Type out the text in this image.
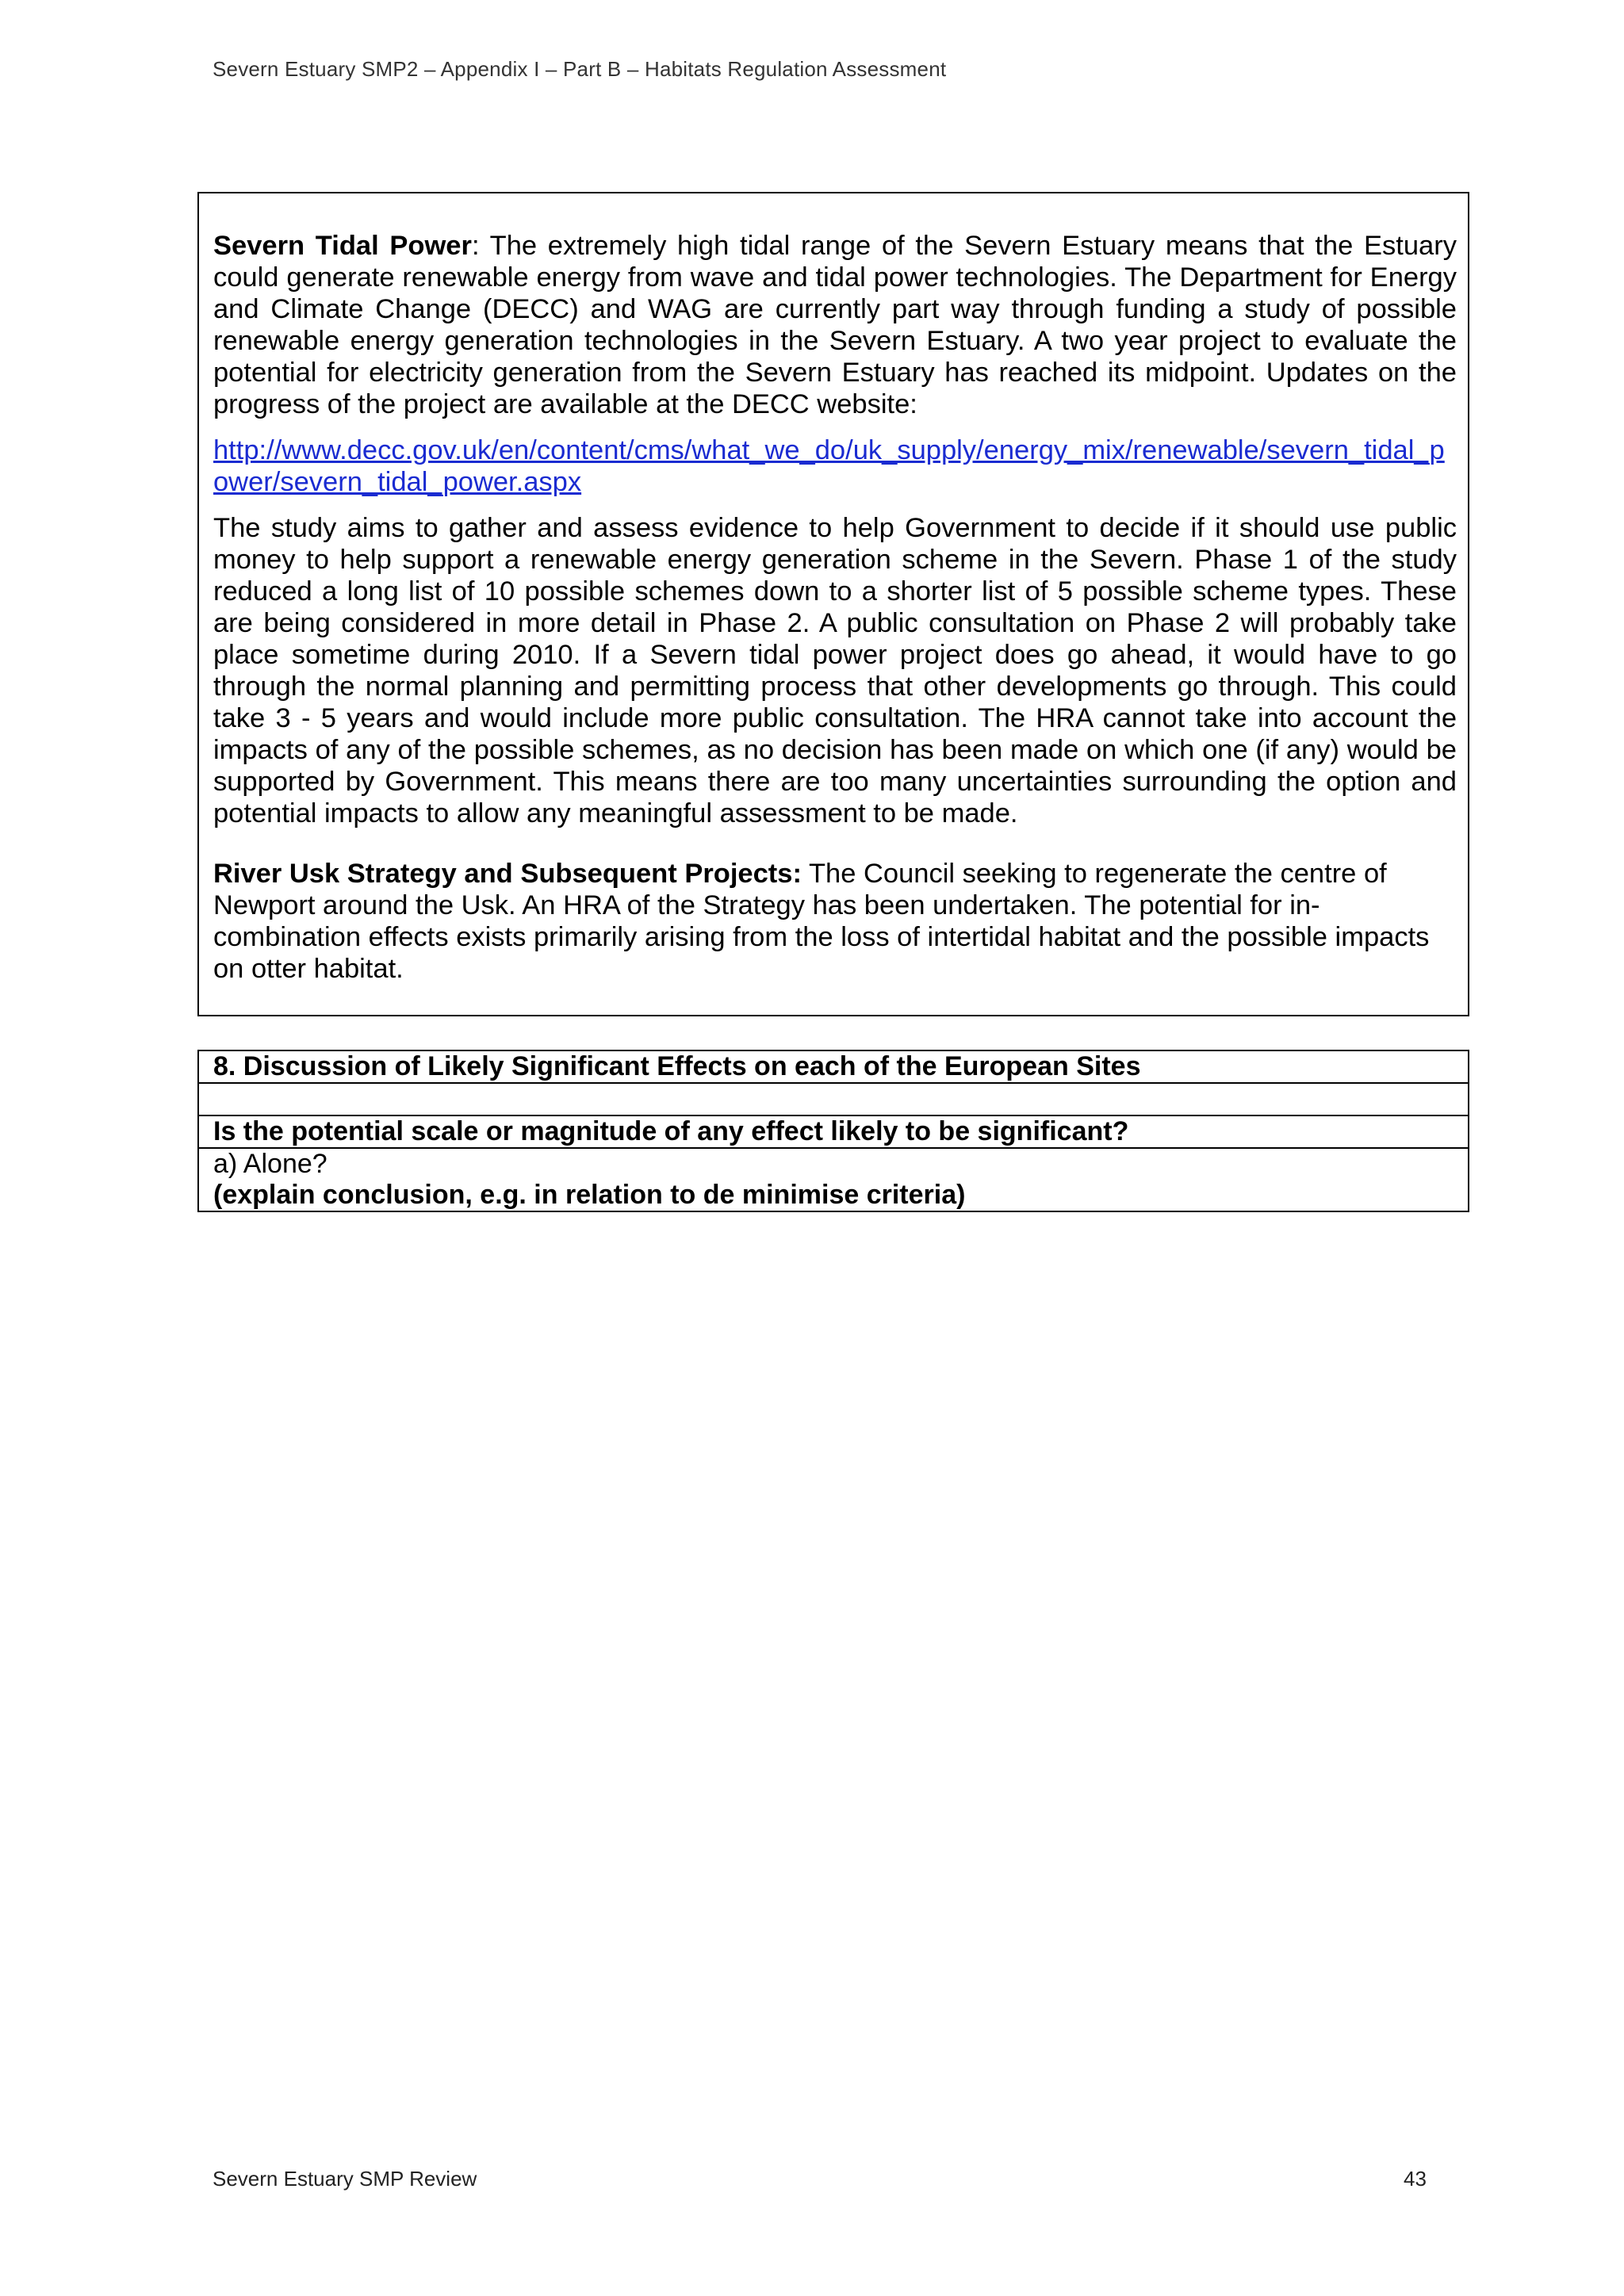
Severn Estuary SMP2 – Appendix I – Part B – Habitats Regulation Assessment

Severn Tidal Power: The extremely high tidal range of the Severn Estuary means that the Estuary could generate renewable energy from wave and tidal power technologies. The Department for Energy and Climate Change (DECC) and WAG are currently part way through funding a study of possible renewable energy generation technologies in the Severn Estuary. A two year project to evaluate the potential for electricity generation from the Severn Estuary has reached its midpoint. Updates on the progress of the project are available at the DECC website:

http://www.decc.gov.uk/en/content/cms/what_we_do/uk_supply/energy_mix/renewable/severn_tidal_p
ower/severn_tidal_power.aspx

The study aims to gather and assess evidence to help Government to decide if it should use public money to help support a renewable energy generation scheme in the Severn. Phase 1 of the study reduced a long list of 10 possible schemes down to a shorter list of 5 possible scheme types. These are being considered in more detail in Phase 2. A public consultation on Phase 2 will probably take place sometime during 2010. If a Severn tidal power project does go ahead, it would have to go through the normal planning and permitting process that other developments go through. This could take 3 - 5 years and would include more public consultation. The HRA cannot take into account the impacts of any of the possible schemes, as no decision has been made on which one (if any) would be supported by Government. This means there are too many uncertainties surrounding the option and potential impacts to allow any meaningful assessment to be made.

River Usk Strategy and Subsequent Projects: The Council seeking to regenerate the centre of Newport around the Usk. An HRA of the Strategy has been undertaken. The potential for in-combination effects exists primarily arising from the loss of intertidal habitat and the possible impacts on otter habitat.

8. Discussion of Likely Significant Effects on each of the European Sites

Is the potential scale or magnitude of any effect likely to be significant?
a) Alone?
(explain conclusion, e.g. in relation to de minimise criteria)
Severn Estuary SMP Review	43
